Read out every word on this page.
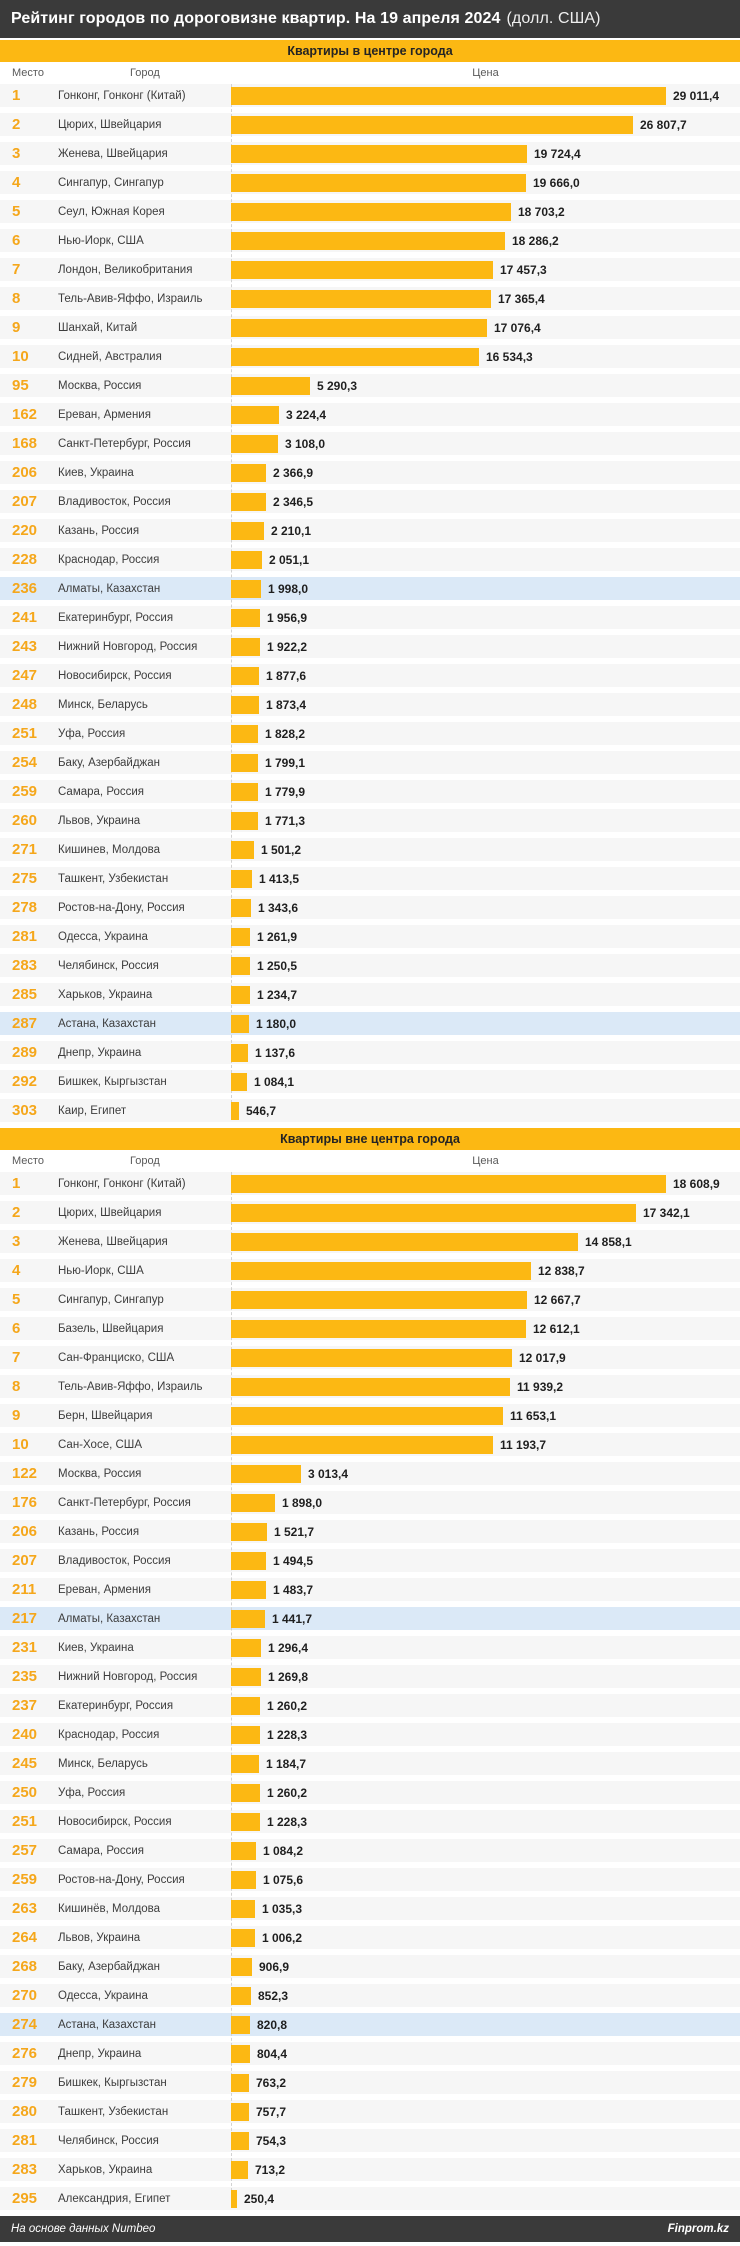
Рейтинг городов по дороговизне квартир. На 19 апреля 2024 (долл. США)
Квартиры в центре города
Место	Город	Цена
1	Гонконг, Гонконг (Китай)	29 011,4
2	Цюрих, Швейцария	26 807,7
3	Женева, Швейцария	19 724,4
4	Сингапур, Сингапур	19 666,0
5	Сеул, Южная Корея	18 703,2
6	Нью-Йорк, США	18 286,2
7	Лондон, Великобритания	17 457,3
8	Тель-Авив-Яффо, Израиль	17 365,4
9	Шанхай, Китай	17 076,4
10	Сидней, Австралия	16 534,3
95	Москва, Россия	5 290,3
162	Ереван, Армения	3 224,4
168	Санкт-Петербург, Россия	3 108,0
206	Киев, Украина	2 366,9
207	Владивосток, Россия	2 346,5
220	Казань, Россия	2 210,1
228	Краснодар, Россия	2 051,1
236	Алматы, Казахстан	1 998,0
241	Екатеринбург, Россия	1 956,9
243	Нижний Новгород, Россия	1 922,2
247	Новосибирск, Россия	1 877,6
248	Минск, Беларусь	1 873,4
251	Уфа, Россия	1 828,2
254	Баку, Азербайджан	1 799,1
259	Самара, Россия	1 779,9
260	Львов, Украина	1 771,3
271	Кишинев, Молдова	1 501,2
275	Ташкент, Узбекистан	1 413,5
278	Ростов-на-Дону, Россия	1 343,6
281	Одесса, Украина	1 261,9
283	Челябинск, Россия	1 250,5
285	Харьков, Украина	1 234,7
287	Астана, Казахстан	1 180,0
289	Днепр, Украина	1 137,6
292	Бишкек, Кыргызстан	1 084,1
303	Каир, Египет	546,7
Квартиры вне центра города
Место	Город	Цена
1	Гонконг, Гонконг (Китай)	18 608,9
2	Цюрих, Швейцария	17 342,1
3	Женева, Швейцария	14 858,1
4	Нью-Йорк, США	12 838,7
5	Сингапур, Сингапур	12 667,7
6	Базель, Швейцария	12 612,1
7	Сан-Франциско, США	12 017,9
8	Тель-Авив-Яффо, Израиль	11 939,2
9	Берн, Швейцария	11 653,1
10	Сан-Хосе, США	11 193,7
122	Москва, Россия	3 013,4
176	Санкт-Петербург, Россия	1 898,0
206	Казань, Россия	1 521,7
207	Владивосток, Россия	1 494,5
211	Ереван, Армения	1 483,7
217	Алматы, Казахстан	1 441,7
231	Киев, Украина	1 296,4
235	Нижний Новгород, Россия	1 269,8
237	Екатеринбург, Россия	1 260,2
240	Краснодар, Россия	1 228,3
245	Минск, Беларусь	1 184,7
250	Уфа, Россия	1 260,2
251	Новосибирск, Россия	1 228,3
257	Самара, Россия	1 084,2
259	Ростов-на-Дону, Россия	1 075,6
263	Кишинёв, Молдова	1 035,3
264	Львов, Украина	1 006,2
268	Баку, Азербайджан	906,9
270	Одесса, Украина	852,3
274	Астана, Казахстан	820,8
276	Днепр, Украина	804,4
279	Бишкек, Кыргызстан	763,2
280	Ташкент, Узбекистан	757,7
281	Челябинск, Россия	754,3
283	Харьков, Украина	713,2
295	Александрия, Египет	250,4
На основе данных Numbeo	Finprom.kz
